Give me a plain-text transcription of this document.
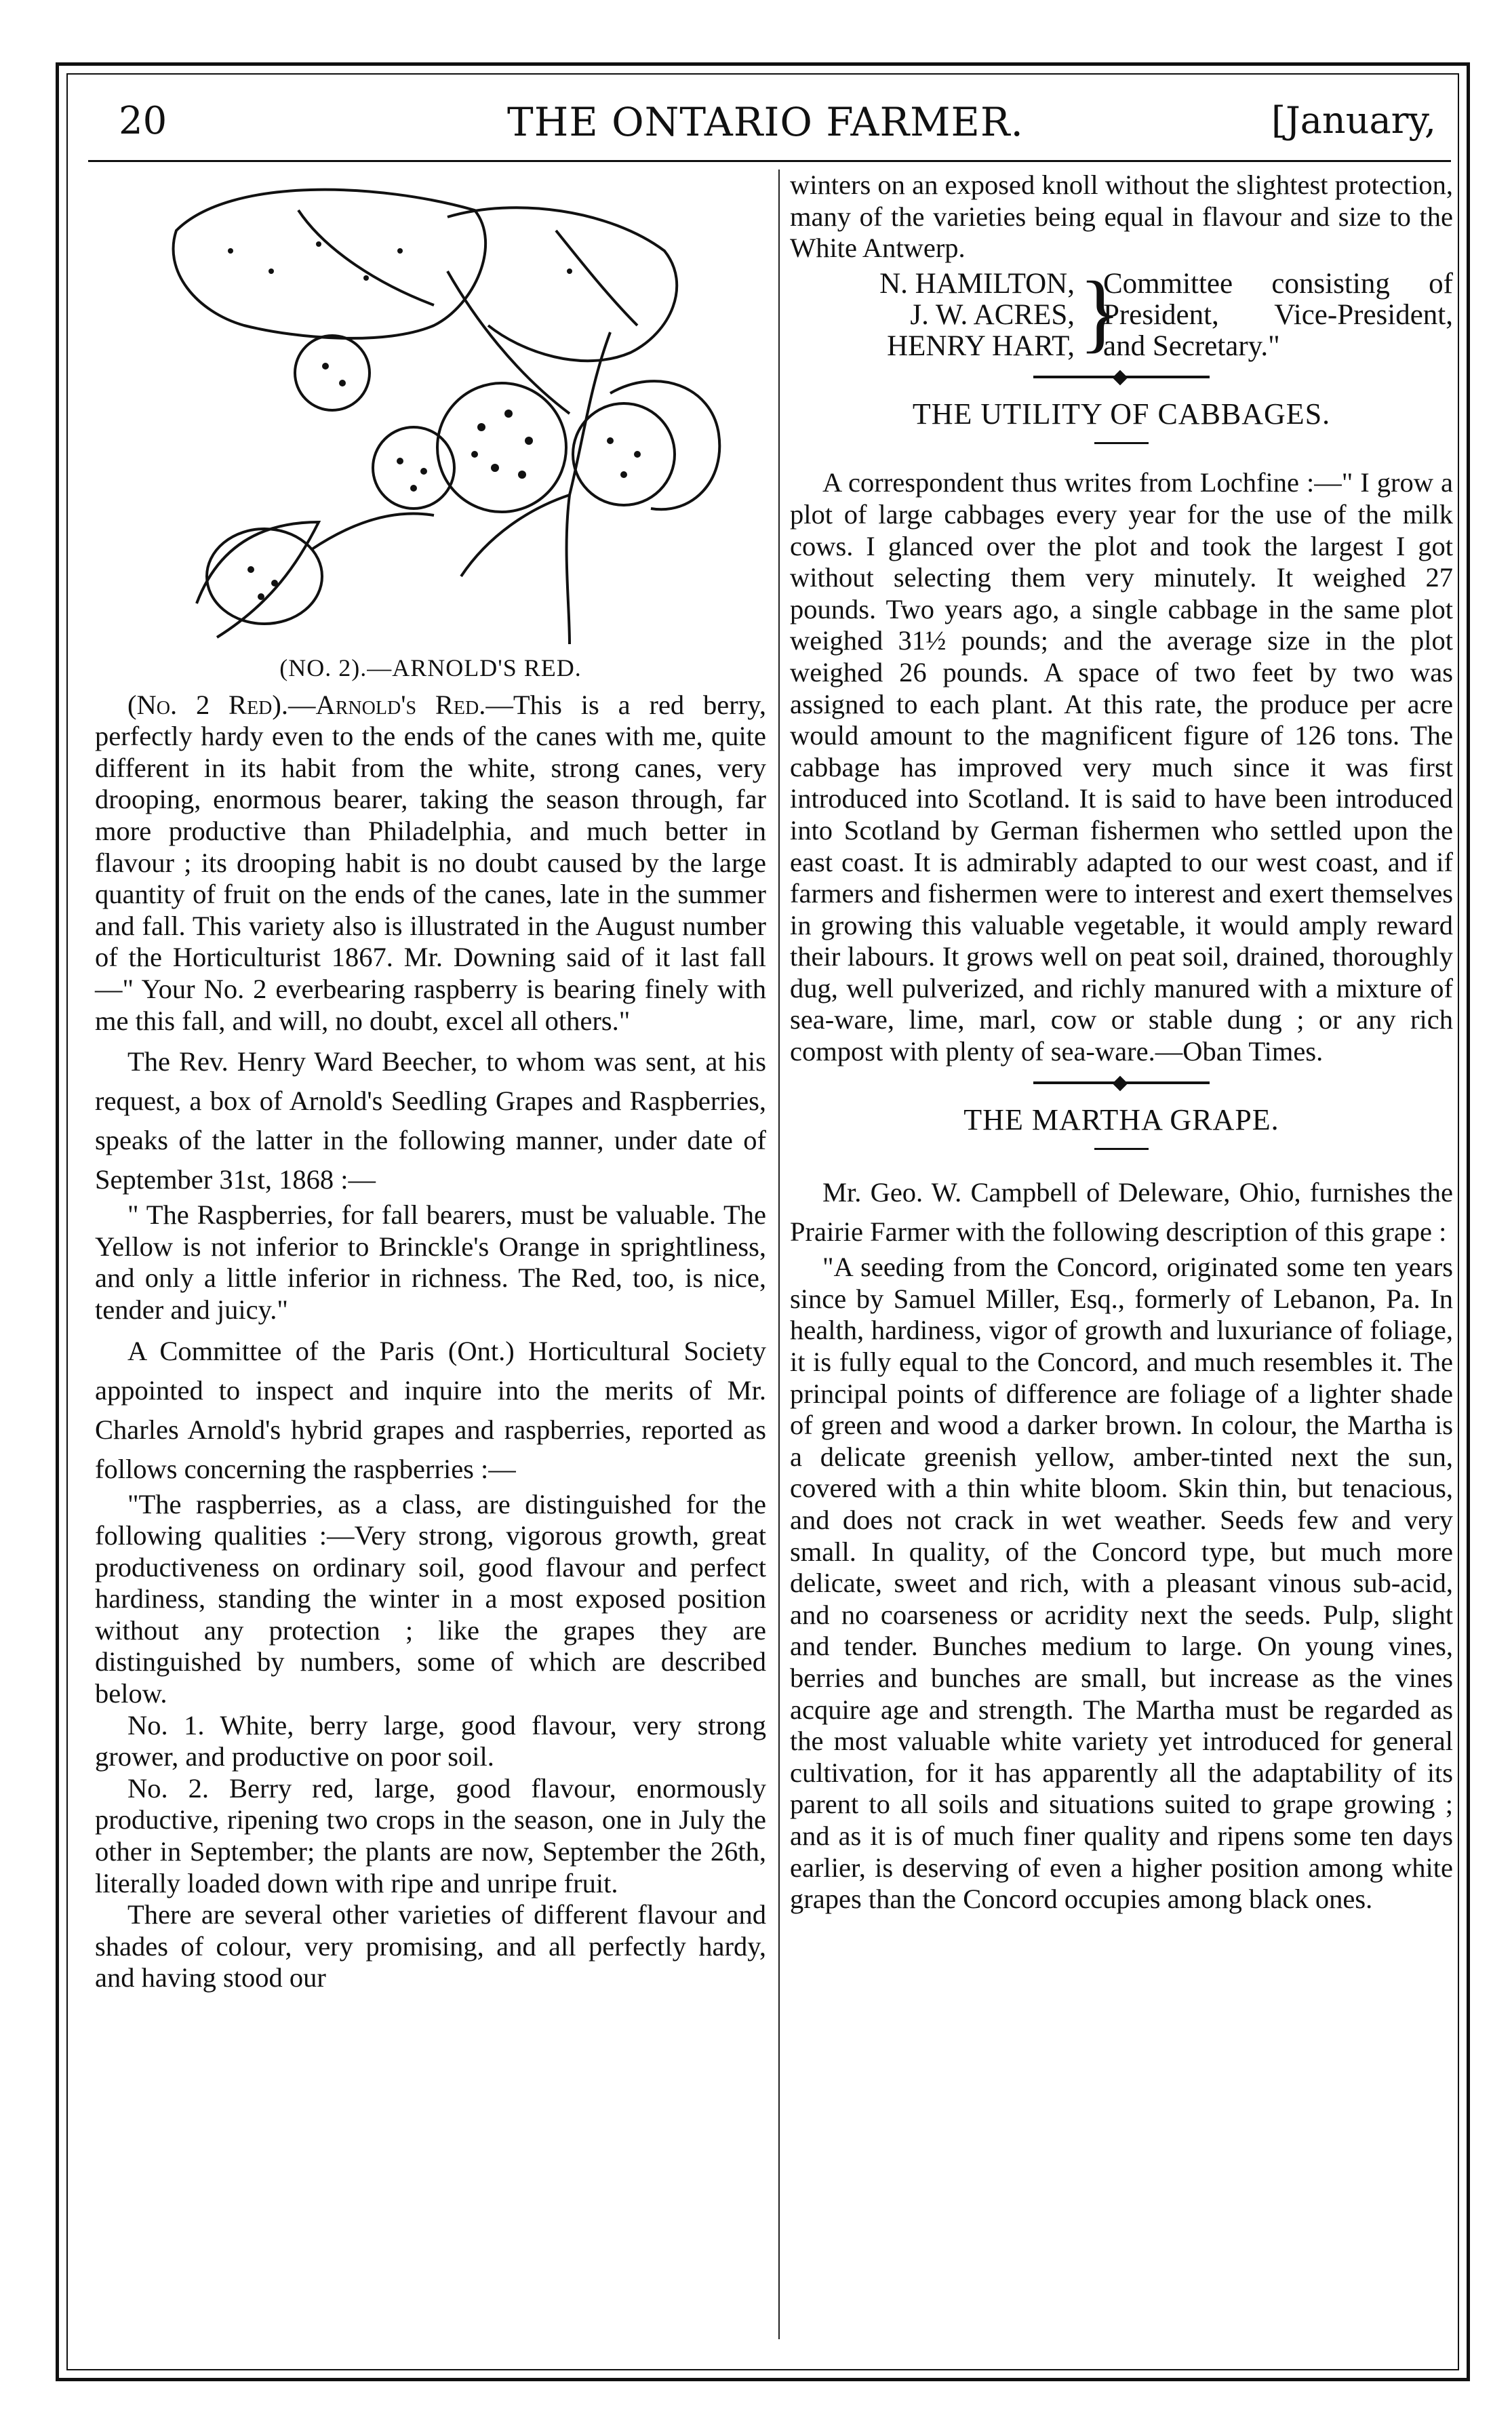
20	THE ONTARIO FARMER.	[January,
(NO. 2).—ARNOLD'S RED.

(No. 2 Red).—Arnold's Red.—This is a red berry, perfectly hardy even to the ends of the canes with me, quite different in its habit from the white, strong canes, very drooping, enormous bearer, taking the season through, far more productive than Philadelphia, and much better in flavour ; its drooping habit is no doubt caused by the large quantity of fruit on the ends of the canes, late in the summer and fall. This variety also is illustrated in the August number of the Horticulturist 1867. Mr. Downing said of it last fall—" Your No. 2 everbearing raspberry is bearing finely with me this fall, and will, no doubt, excel all others."

The Rev. Henry Ward Beecher, to whom was sent, at his request, a box of Arnold's Seedling Grapes and Raspberries, speaks of the latter in the following manner, under date of September 31st, 1868 :—

" The Raspberries, for fall bearers, must be valuable. The Yellow is not inferior to Brinckle's Orange in sprightliness, and only a little inferior in richness. The Red, too, is nice, tender and juicy."

A Committee of the Paris (Ont.) Horticultural Society appointed to inspect and inquire into the merits of Mr. Charles Arnold's hybrid grapes and raspberries, reported as follows concerning the raspberries :—

"The raspberries, as a class, are distinguished for the following qualities :—Very strong, vigorous growth, great productiveness on ordinary soil, good flavour and perfect hardiness, standing the winter in a most exposed position without any protection ; like the grapes they are distinguished by numbers, some of which are described below.

No. 1. White, berry large, good flavour, very strong grower, and productive on poor soil.

No. 2. Berry red, large, good flavour, enormously productive, ripening two crops in the season, one in July the other in September; the plants are now, September the 26th, literally loaded down with ripe and unripe fruit.

There are several other varieties of different flavour and shades of colour, very promising, and all perfectly hardy, and having stood our

winters on an exposed knoll without the slightest protection, many of the varieties being equal in flavour and size to the White Antwerp.

N. HAMILTON,
J. W. ACRES,
HENRY HART, }
Committee consisting of President, Vice-President, and Secretary."
THE UTILITY OF CABBAGES.

A correspondent thus writes from Lochfine :—" I grow a plot of large cabbages every year for the use of the milk cows. I glanced over the plot and took the largest I got without selecting them very minutely. It weighed 27 pounds. Two years ago, a single cabbage in the same plot weighed 31½ pounds; and the average size in the plot weighed 26 pounds. A space of two feet by two was assigned to each plant. At this rate, the produce per acre would amount to the magnificent figure of 126 tons. The cabbage has improved very much since it was first introduced into Scotland. It is said to have been introduced into Scotland by German fishermen who settled upon the east coast. It is admirably adapted to our west coast, and if farmers and fishermen were to interest and exert themselves in growing this valuable vegetable, it would amply reward their labours. It grows well on peat soil, drained, thoroughly dug, well pulverized, and richly manured with a mixture of sea-ware, lime, marl, cow or stable dung ; or any rich compost with plenty of sea-ware.—Oban Times.

THE MARTHA GRAPE.

Mr. Geo. W. Campbell of Deleware, Ohio, furnishes the Prairie Farmer with the following description of this grape :

"A seeding from the Concord, originated some ten years since by Samuel Miller, Esq., formerly of Lebanon, Pa. In health, hardiness, vigor of growth and luxuriance of foliage, it is fully equal to the Concord, and much resembles it. The principal points of difference are foliage of a lighter shade of green and wood a darker brown. In colour, the Martha is a delicate greenish yellow, amber-tinted next the sun, covered with a thin white bloom. Skin thin, but tenacious, and does not crack in wet weather. Seeds few and very small. In quality, of the Concord type, but much more delicate, sweet and rich, with a pleasant vinous sub-acid, and no coarseness or acridity next the seeds. Pulp, slight and tender. Bunches medium to large. On young vines, berries and bunches are small, but increase as the vines acquire age and strength. The Martha must be regarded as the most valuable white variety yet introduced for general cultivation, for it has apparently all the adaptability of its parent to all soils and situations suited to grape growing ; and as it is of much finer quality and ripens some ten days earlier, is deserving of even a higher position among white grapes than the Concord occupies among black ones.
